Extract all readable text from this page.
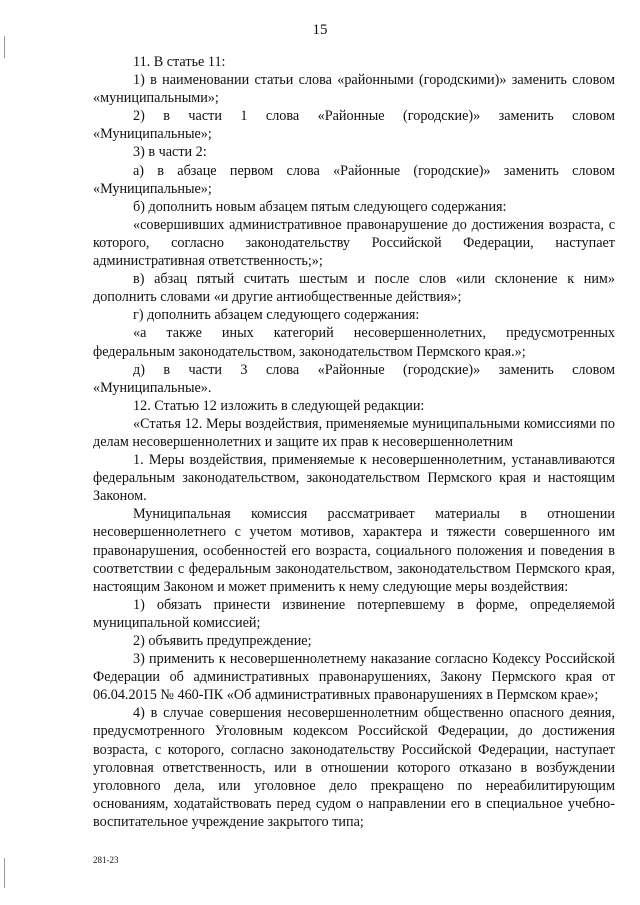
15

11. В статье 11:

1) в наименовании статьи слова «районными (городскими)» заменить словом «муниципальными»;

2) в части 1 слова «Районные (городские)» заменить словом «Муниципальные»;

3) в части 2:

а) в абзаце первом слова «Районные (городские)» заменить словом «Муниципальные»;

б) дополнить новым абзацем пятым следующего содержания:

«совершивших административное правонарушение до достижения возраста, с которого, согласно законодательству Российской Федерации, наступает административная ответственность;»;

в) абзац пятый считать шестым и после слов «или склонение к ним» дополнить словами «и другие антиобщественные действия»;

г) дополнить абзацем следующего содержания:

«а также иных категорий несовершеннолетних, предусмотренных федеральным законодательством, законодательством Пермского края.»;

д) в части 3 слова «Районные (городские)» заменить словом «Муниципальные».

12. Статью 12 изложить в следующей редакции:

«Статья 12. Меры воздействия, применяемые муниципальными комиссиями по делам несовершеннолетних и защите их прав к несовершеннолетним

1. Меры воздействия, применяемые к несовершеннолетним, устанавливаются федеральным законодательством, законодательством Пермского края и настоящим Законом.

Муниципальная комиссия рассматривает материалы в отношении несовершеннолетнего с учетом мотивов, характера и тяжести совершенного им правонарушения, особенностей его возраста, социального положения и поведения в соответствии с федеральным законодательством, законодательством Пермского края, настоящим Законом и может применить к нему следующие меры воздействия:

1) обязать принести извинение потерпевшему в форме, определяемой муниципальной комиссией;

2) объявить предупреждение;

3) применить к несовершеннолетнему наказание согласно Кодексу Российской Федерации об административных правонарушениях, Закону Пермского края от 06.04.2015 № 460-ПК «Об административных правонарушениях в Пермском крае»;

4) в случае совершения несовершеннолетним общественно опасного деяния, предусмотренного Уголовным кодексом Российской Федерации, до достижения возраста, с которого, согласно законодательству Российской Федерации, наступает уголовная ответственность, или в отношении которого отказано в возбуждении уголовного дела, или уголовное дело прекращено по нереабилитирующим основаниям, ходатайствовать перед судом о направлении его в специальное учебно-воспитательное учреждение закрытого типа;

281-23
